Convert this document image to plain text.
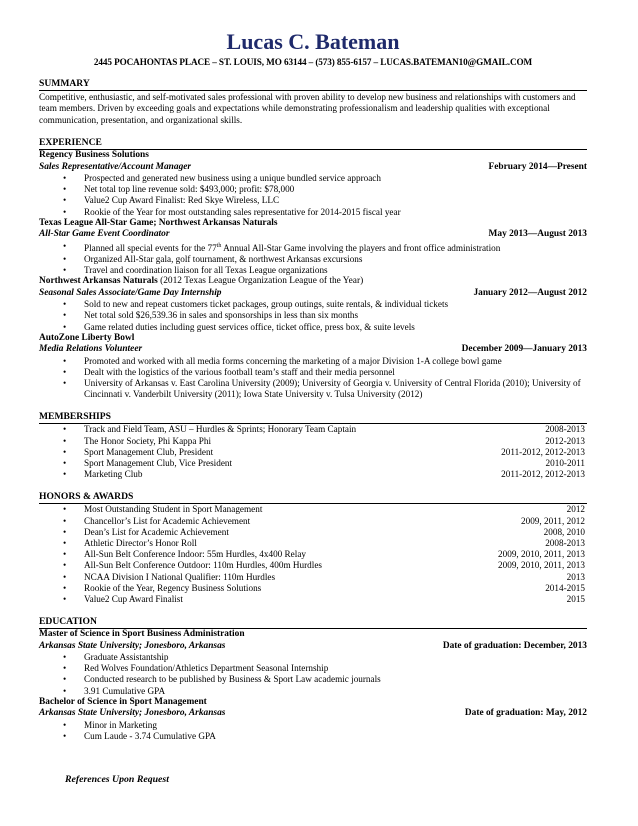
Lucas C. Bateman
2445 POCAHONTAS PLACE – ST. LOUIS, MO 63144 – (573) 855-6157 – LUCAS.BATEMAN10@GMAIL.COM
SUMMARY
Competitive, enthusiastic, and self-motivated sales professional with proven ability to develop new business and relationships with customers and team members. Driven by exceeding goals and expectations while demonstrating professionalism and leadership qualities with exceptional communication, presentation, and organizational skills.
EXPERIENCE
Regency Business Solutions
Sales Representative/Account Manager	February 2014—Present
• Prospected and generated new business using a unique bundled service approach
• Net total top line revenue sold: $493,000; profit: $78,000
• Value2 Cup Award Finalist: Red Skye Wireless, LLC
• Rookie of the Year for most outstanding sales representative for 2014-2015 fiscal year
Texas League All-Star Game; Northwest Arkansas Naturals
All-Star Game Event Coordinator	May 2013—August 2013
• Planned all special events for the 77th Annual All-Star Game involving the players and front office administration
• Organized All-Star gala, golf tournament, & northwest Arkansas excursions
• Travel and coordination liaison for all Texas League organizations
Northwest Arkansas Naturals (2012 Texas League Organization League of the Year)
Seasonal Sales Associate/Game Day Internship	January 2012—August 2012
• Sold to new and repeat customers ticket packages, group outings, suite rentals, & individual tickets
• Net total sold $26,539.36 in sales and sponsorships in less than six months
• Game related duties including guest services office, ticket office, press box, & suite levels
AutoZone Liberty Bowl
Media Relations Volunteer	December 2009—January 2013
• Promoted and worked with all media forms concerning the marketing of a major Division 1-A college bowl game
• Dealt with the logistics of the various football team’s staff and their media personnel
• University of Arkansas v. East Carolina University (2009); University of Georgia v. University of Central Florida (2010); University of Cincinnati v. Vanderbilt University (2011); Iowa State University v. Tulsa University (2012)
MEMBERSHIPS
• Track and Field Team, ASU – Hurdles & Sprints; Honorary Team Captain	2008-2013
• The Honor Society, Phi Kappa Phi	2012-2013
• Sport Management Club, President	2011-2012, 2012-2013
• Sport Management Club, Vice President	2010-2011
• Marketing Club	2011-2012, 2012-2013
HONORS & AWARDS
• Most Outstanding Student in Sport Management	2012
• Chancellor’s List for Academic Achievement	2009, 2011, 2012
• Dean’s List for Academic Achievement	2008, 2010
• Athletic Director’s Honor Roll	2008-2013
• All-Sun Belt Conference Indoor: 55m Hurdles, 4x400 Relay	2009, 2010, 2011, 2013
• All-Sun Belt Conference Outdoor: 110m Hurdles, 400m Hurdles	2009, 2010, 2011, 2013
• NCAA Division I National Qualifier: 110m Hurdles	2013
• Rookie of the Year, Regency Business Solutions	2014-2015
• Value2 Cup Award Finalist	2015
EDUCATION
Master of Science in Sport Business Administration
Arkansas State University; Jonesboro, Arkansas	Date of graduation: December, 2013
• Graduate Assistantship
• Red Wolves Foundation/Athletics Department Seasonal Internship
• Conducted research to be published by Business & Sport Law academic journals
• 3.91 Cumulative GPA
Bachelor of Science in Sport Management
Arkansas State University; Jonesboro, Arkansas	Date of graduation: May, 2012
• Minor in Marketing
• Cum Laude - 3.74 Cumulative GPA
References Upon Request
